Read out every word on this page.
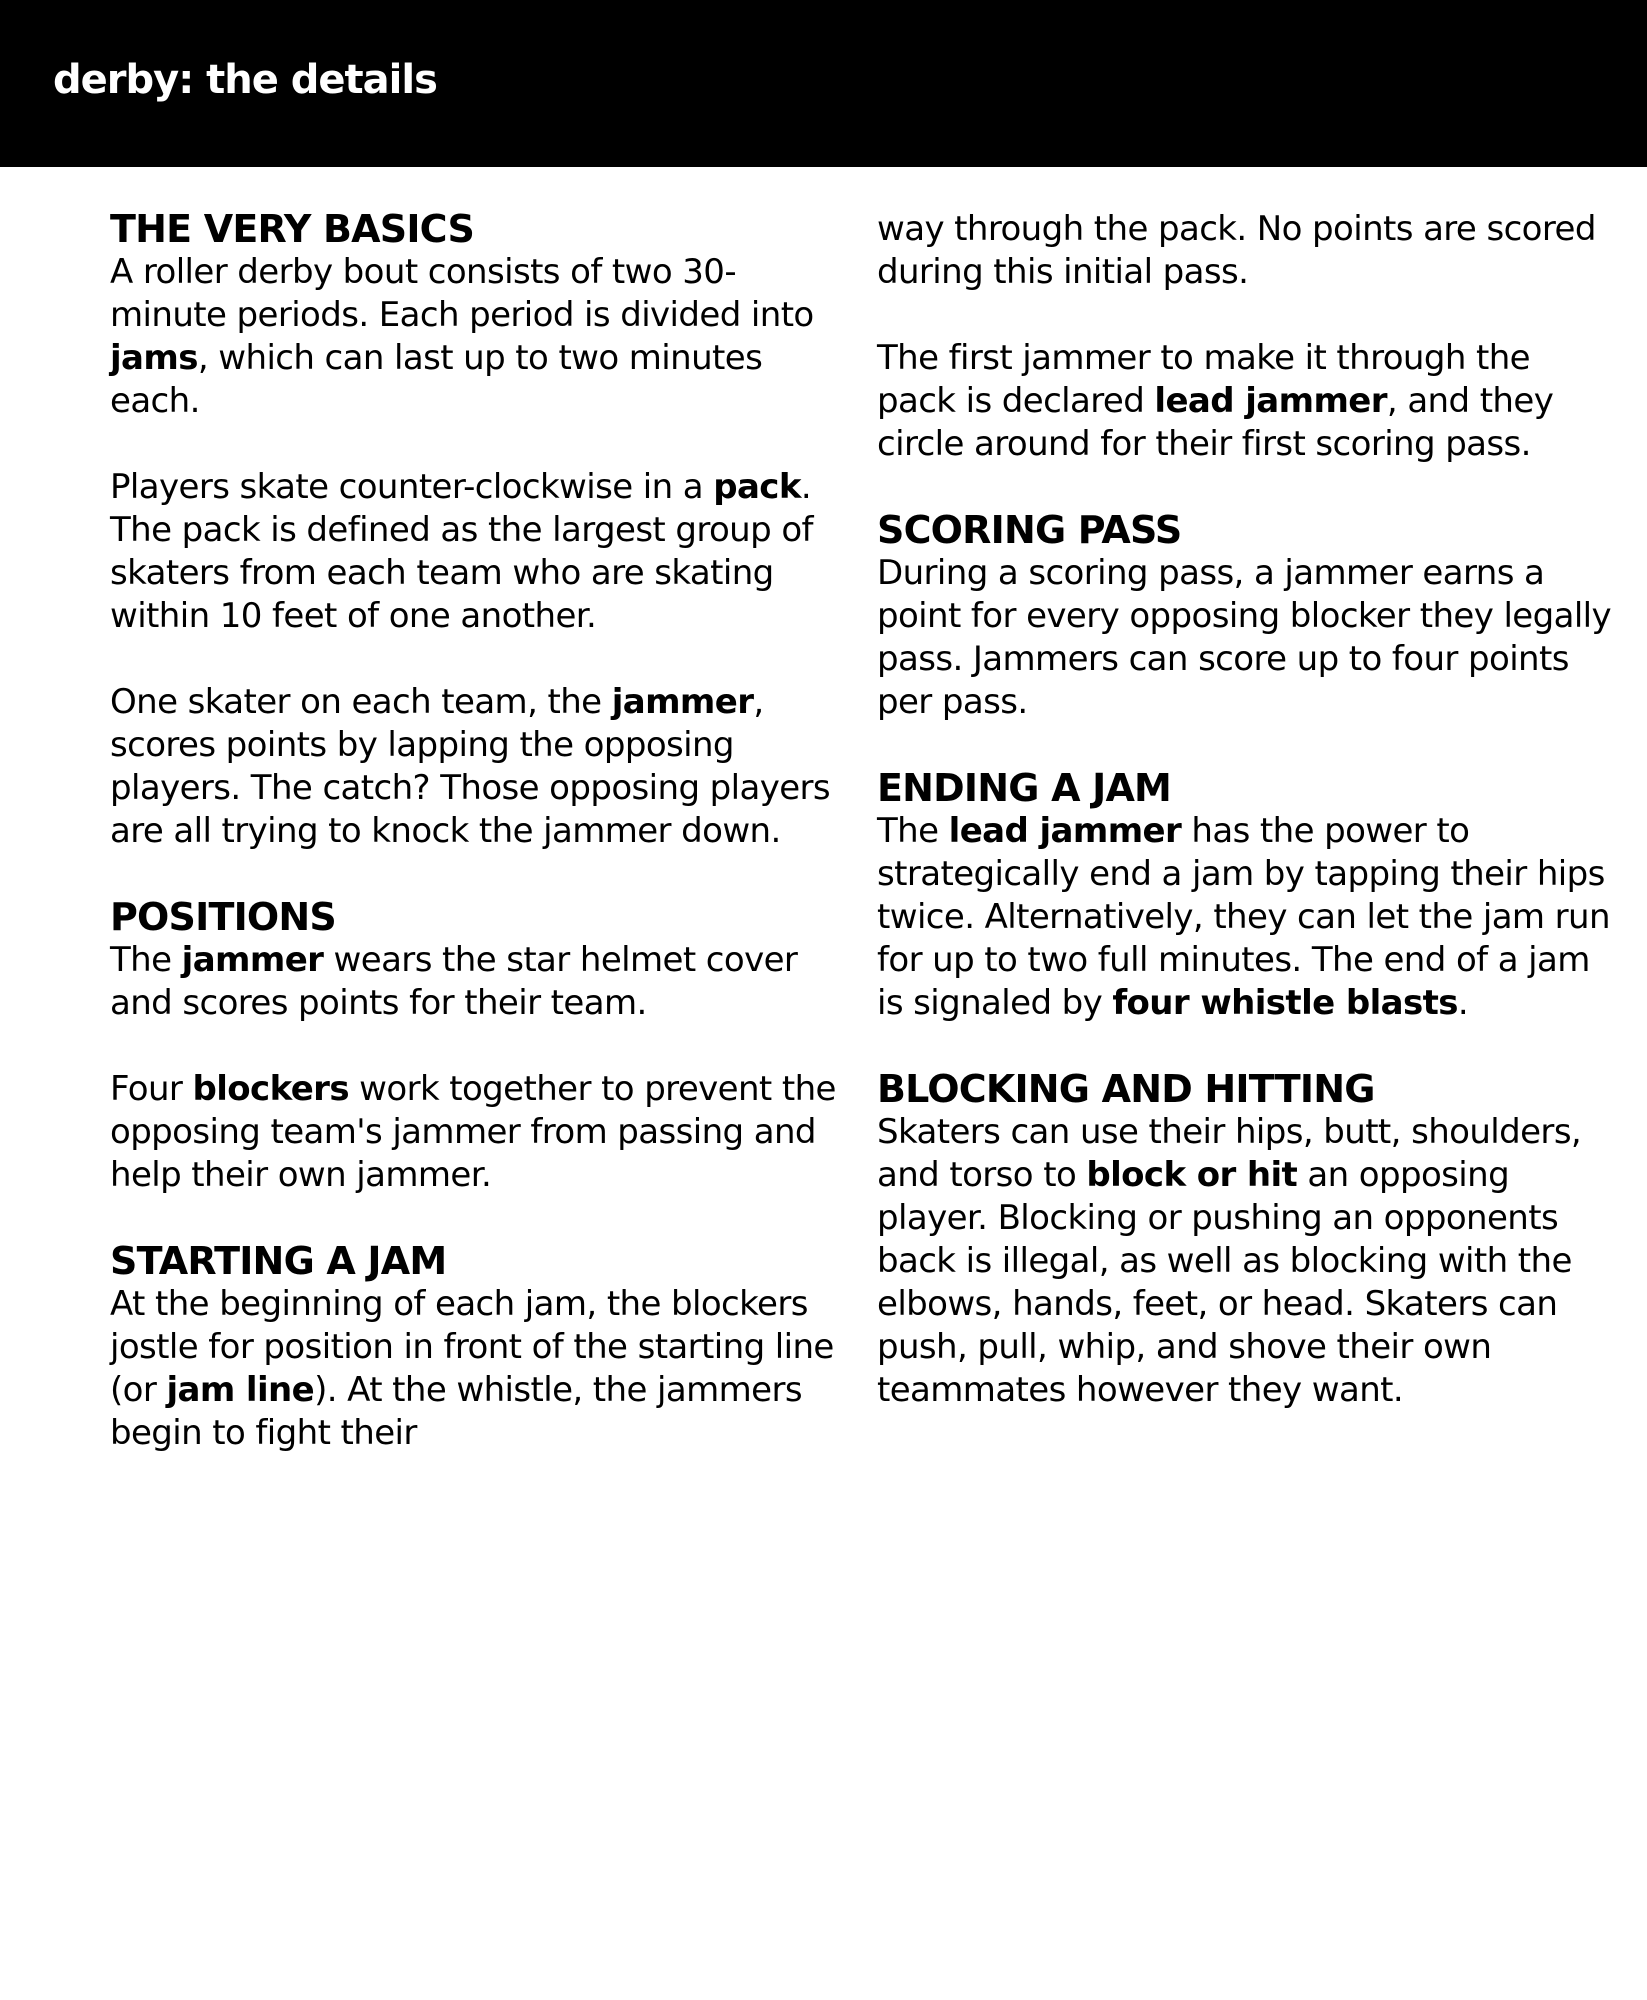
derby: the details
THE VERY BASICS

A roller derby bout consists of two 30-minute periods. Each period is divided into jams, which can last up to two minutes each.

Players skate counter-clockwise in a pack. The pack is defined as the largest group of skaters from each team who are skating within 10 feet of one another.

One skater on each team, the jammer, scores points by lapping the opposing players. The catch? Those opposing players are all trying to knock the jammer down.

POSITIONS

The jammer wears the star helmet cover and scores points for their team.

Four blockers work together to prevent the opposing team's jammer from passing and help their own jammer.

STARTING A JAM

At the beginning of each jam, the blockers jostle for position in front of the starting line (or jam line). At the whistle, the jammers begin to fight their

way through the pack. No points are scored during this initial pass.

The first jammer to make it through the pack is declared lead jammer, and they circle around for their first scoring pass.

SCORING PASS

During a scoring pass, a jammer earns a point for every opposing blocker they legally pass. Jammers can score up to four points per pass.

ENDING A JAM

The lead jammer has the power to strategically end a jam by tapping their hips twice. Alternatively, they can let the jam run for up to two full minutes. The end of a jam is signaled by four whistle blasts.

BLOCKING AND HITTING

Skaters can use their hips, butt, shoulders, and torso to block or hit an opposing player. Blocking or pushing an opponents back is illegal, as well as blocking with the elbows, hands, feet, or head. Skaters can push, pull, whip, and shove their own teammates however they want.
